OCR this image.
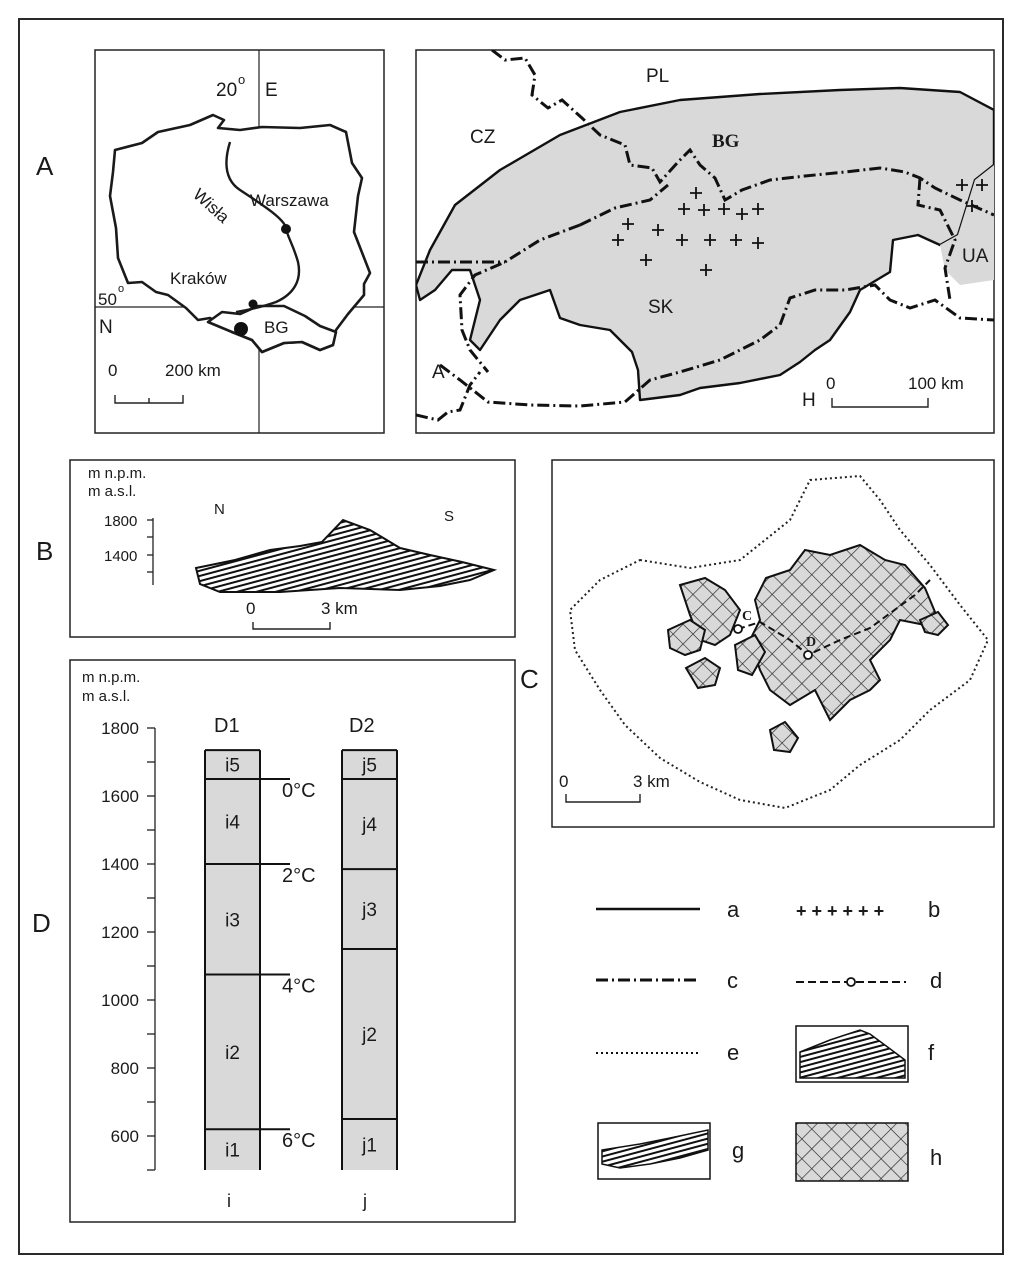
A
B
C
D
20
o
E
Wisła Warszawa
Kraków
50
o
N	BG
0	200 km
PL
CZ	BG
SK
UA
A
H
0	100 km
m n.p.m.
m a.s.l.
1800
1400
N	S
0	3 km	C
D
0	3 km
m n.p.m.
m a.s.l.
1800
1600
1400
1200
1000
800
600
D1	D2
i5
i4
i3
i2
i1
j5
j4
j3
j2
j1
0°C
2°C
4°C
6°C
i	j
a	+ + + + + + b
c	d
e	f
g	h
